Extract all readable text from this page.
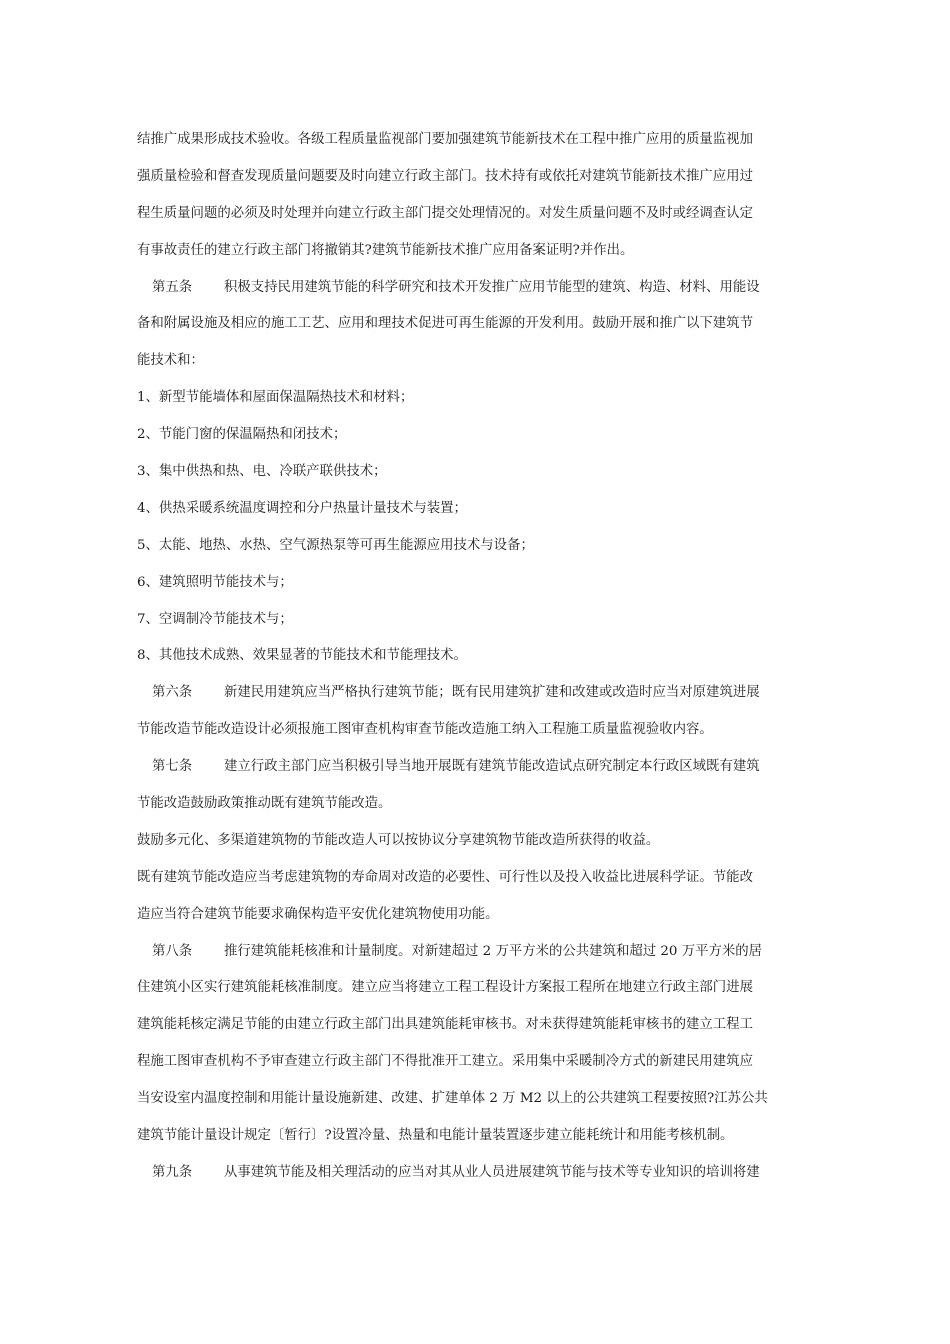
结推广成果形成技术验收。各级工程质量监视部门要加强建筑节能新技术在工程中推广应用的质量监视加
强质量检验和督查发现质量问题要及时向建立行政主部门。技术持有或依托对建筑节能新技术推广应用过
程生质量问题的必须及时处理并向建立行政主部门提交处理情况的。对发生质量问题不及时或经调查认定
有事故责任的建立行政主部门将撤销其?建筑节能新技术推广应用备案证明?并作出。
第五条 积极支持民用建筑节能的科学研究和技术开发推广应用节能型的建筑、构造、材料、用能设
备和附属设施及相应的施工工艺、应用和理技术促进可再生能源的开发利用。鼓励开展和推广以下建筑节
能技术和：
1、新型节能墙体和屋面保温隔热技术和材料；
2、节能门窗的保温隔热和闭技术；
3、集中供热和热、电、冷联产联供技术；
4、供热采暖系统温度调控和分户热量计量技术与装置；
5、太能、地热、水热、空气源热泵等可再生能源应用技术与设备；
6、建筑照明节能技术与；
7、空调制冷节能技术与；
8、其他技术成熟、效果显著的节能技术和节能理技术。
第六条 新建民用建筑应当严格执行建筑节能；既有民用建筑扩建和改建或改造时应当对原建筑进展
节能改造节能改造设计必须报施工图审查机构审查节能改造施工纳入工程施工质量监视验收内容。
第七条 建立行政主部门应当积极引导当地开展既有建筑节能改造试点研究制定本行政区域既有建筑
节能改造鼓励政策推动既有建筑节能改造。
鼓励多元化、多渠道建筑物的节能改造人可以按协议分享建筑物节能改造所获得的收益。
既有建筑节能改造应当考虑建筑物的寿命周对改造的必要性、可行性以及投入收益比进展科学证。节能改
造应当符合建筑节能要求确保构造平安优化建筑物使用功能。
第八条 推行建筑能耗核准和计量制度。对新建超过 2 万平方米的公共建筑和超过 20 万平方米的居
住建筑小区实行建筑能耗核准制度。建立应当将建立工程工程设计方案报工程所在地建立行政主部门进展
建筑能耗核定满足节能的由建立行政主部门出具建筑能耗审核书。对未获得建筑能耗审核书的建立工程工
程施工图审查机构不予审查建立行政主部门不得批准开工建立。采用集中采暖制冷方式的新建民用建筑应
当安设室内温度控制和用能计量设施新建、改建、扩建单体 2 万 M2 以上的公共建筑工程要按照?江苏公共
建筑节能计量设计规定〔暂行〕?设置冷量、热量和电能计量装置逐步建立能耗统计和用能考核机制。
第九条 从事建筑节能及相关理活动的应当对其从业人员进展建筑节能与技术等专业知识的培训将建
